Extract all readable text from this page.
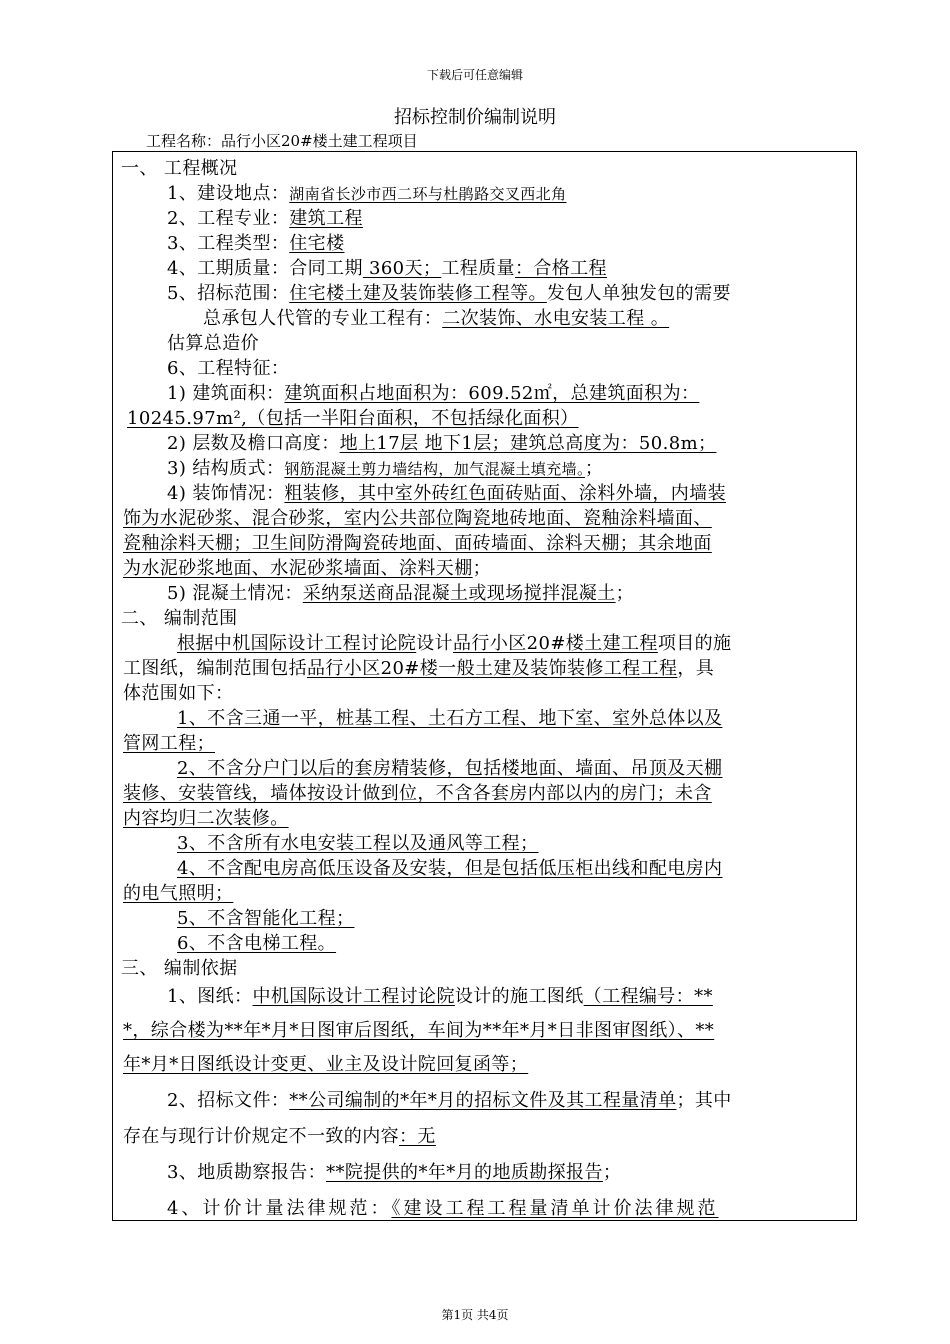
下载后可任意编辑
招标控制价编制说明
工程名称：品行小区20#楼土建工程项目
一、 工程概况
1、建设地点：湖南省长沙市西二环与杜鹃路交叉西北角
2、工程专业：建筑工程
3、工程类型：住宅楼
4、工期质量：合同工期 360天；工程质量：合格工程
5、招标范围：住宅楼土建及装饰装修工程等。发包人单独发包的需要
总承包人代管的专业工程有：二次装饰、水电安装工程 。
估算总造价
6、工程特征：
1) 建筑面积：建筑面积占地面积为：609.52㎡，总建筑面积为：
10245.97m²,（包括一半阳台面积，不包括绿化面积）
2) 层数及檐口高度：地上17层 地下1层；建筑总高度为：50.8m；
3) 结构质式：钢筋混凝土剪力墙结构，加气混凝土填充墙。；
4) 装饰情况：粗装修，其中室外砖红色面砖贴面、涂料外墙，内墙装
饰为水泥砂浆、混合砂浆，室内公共部位陶瓷地砖地面、瓷釉涂料墙面、
瓷釉涂料天棚；卫生间防滑陶瓷砖地面、面砖墙面、涂料天棚；其余地面
为水泥砂浆地面、水泥砂浆墙面、涂料天棚；
5) 混凝土情况：采纳泵送商品混凝土或现场搅拌混凝土；
二、 编制范围
根据中机国际设计工程讨论院设计品行小区20#楼土建工程项目的施
工图纸，编制范围包括品行小区20#楼一般土建及装饰装修工程工程，具
体范围如下：
1、不含三通一平，桩基工程、土石方工程、地下室、室外总体以及
管网工程；
2、不含分户门以后的套房精装修，包括楼地面、墙面、吊顶及天棚
装修、安装管线，墙体按设计做到位，不含各套房内部以内的房门；未含
内容均归二次装修。
3、不含所有水电安装工程以及通风等工程；
4、不含配电房高低压设备及安装，但是包括低压柜出线和配电房内
的电气照明；
5、不含智能化工程；
6、不含电梯工程。
三、 编制依据
1、图纸：中机国际设计工程讨论院设计的施工图纸（工程编号：**
*，综合楼为**年*月*日图审后图纸，车间为**年*月*日非图审图纸）、**
年*月*日图纸设计变更、业主及设计院回复函等；
2、招标文件：**公司编制的*年*月的招标文件及其工程量清单；其中
存在与现行计价规定不一致的内容：无
3、地质勘察报告：**院提供的*年*月的地质勘探报告；
4、计价计量法律规范：《建设工程工程量清单计价法律规范
第1页 共4页
